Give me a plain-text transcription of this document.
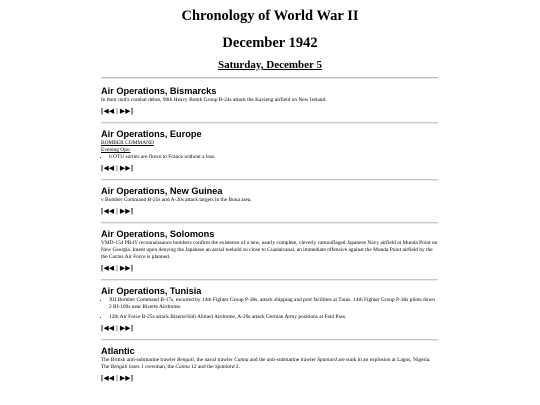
Chronology of World War II
December 1942
Saturday, December 5

Air Operations, Bismarcks

In their unit's combat debut, 90th Heavy Bomb Group B-24s attack the Kavieng airfield on New Ireland.

[◀◀ | ▶▶]

Air Operations, Europe

BOMBER COMMAND

Evening Ops:

• 6 OTU sorties are flown to France without a loss.
[◀◀ | ▶▶]

Air Operations, New Guinea

v Bomber Command B-25s and A-20s attack targets in the Buna area.

[◀◀ | ▶▶]

Air Operations, Solomons

VMD-154 PB4Y reconnaissance bombers confirm the existence of a new, nearly complete, cleverly camouflaged Japanese Navy airfield at Munda Point on New Georgia. Intent upon denying the Japanese an aerial toehold so close to Guadalcanal, an immediate offensive against the Munda Point airfield by the the Cactus Air Force is planned.

[◀◀ | ▶▶]

Air Operations, Tunisia

• XII Bomber Command B-17s, escorted by 14th Fighter Group P-38s, attack shipping and port facilities at Tunis. 14th Fighter Group P-38s pilots down 2 Bf-109s near Bizerte Airdrome.
• 12th Air Force B-25s attack Bizerte/Sidi Ahmed Airdrome, A-20s attack German Army positions at Faid Pass.
[◀◀ | ▶▶]

Atlantic

The British anti-submarine trawler Bengali, the naval trawler Canna and the anti-submarine trawler Spaniard are sunk in an explosion at Lagos, Nigeria. The Bengali loses 1 crewman, the Canna 12 and the Spaniard 2.

[◀◀ | ▶▶]
